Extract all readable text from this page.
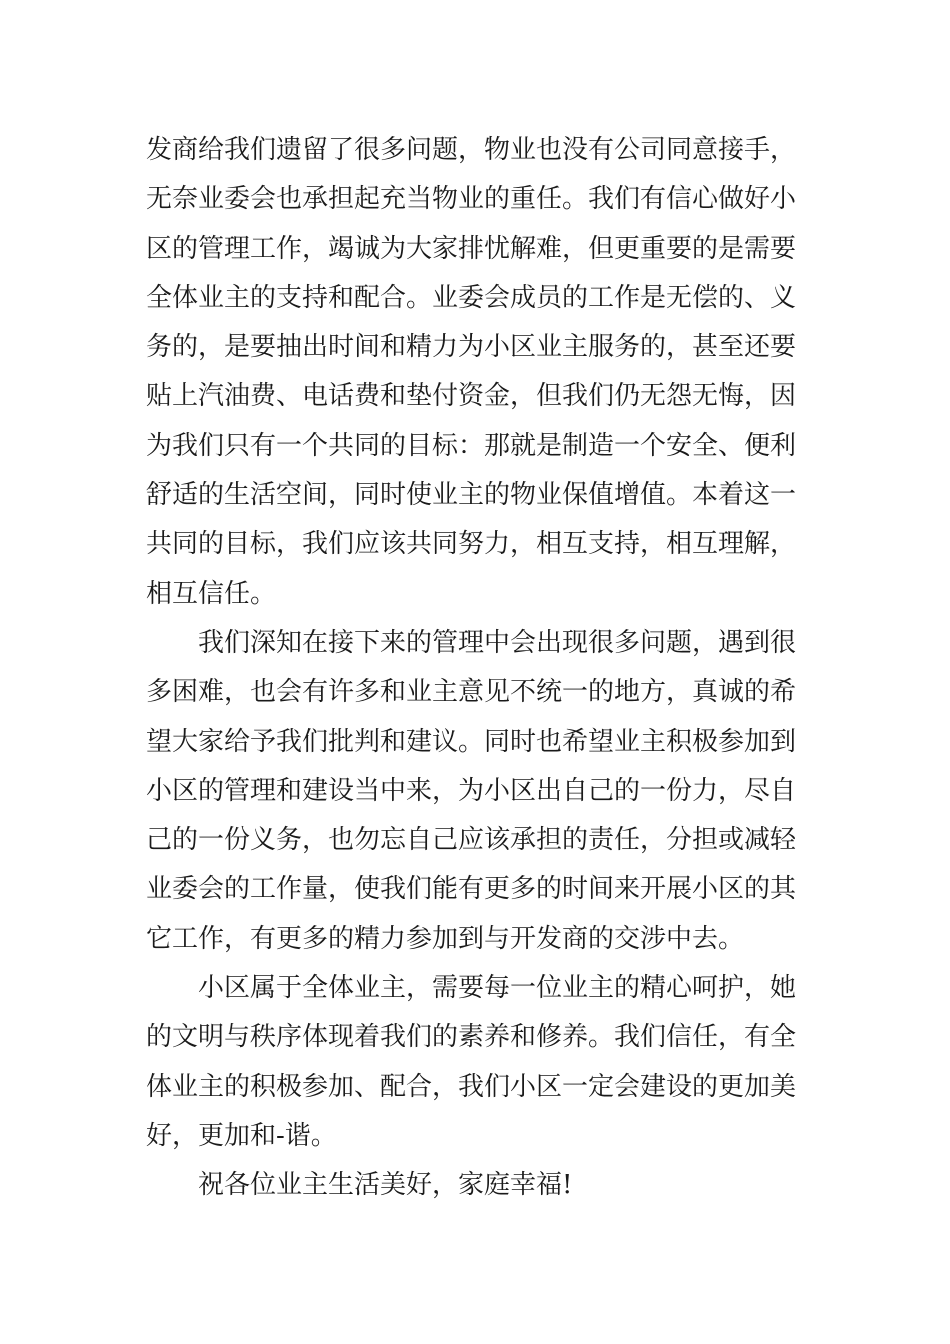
发商给我们遗留了很多问题，物业也没有公司同意接手，
无奈业委会也承担起充当物业的重任。我们有信心做好小
区的管理工作，竭诚为大家排忧解难，但更重要的是需要
全体业主的支持和配合。业委会成员的工作是无偿的、义
务的，是要抽出时间和精力为小区业主服务的，甚至还要
贴上汽油费、电话费和垫付资金，但我们仍无怨无悔，因
为我们只有一个共同的目标：那就是制造一个安全、便利
舒适的生活空间，同时使业主的物业保值增值。本着这一
共同的目标，我们应该共同努力，相互支持，相互理解，
相互信任。
我们深知在接下来的管理中会出现很多问题，遇到很
多困难，也会有许多和业主意见不统一的地方，真诚的希
望大家给予我们批判和建议。同时也希望业主积极参加到
小区的管理和建设当中来，为小区出自己的一份力，尽自
己的一份义务，也勿忘自己应该承担的责任，分担或减轻
业委会的工作量，使我们能有更多的时间来开展小区的其
它工作，有更多的精力参加到与开发商的交涉中去。
小区属于全体业主，需要每一位业主的精心呵护，她
的文明与秩序体现着我们的素养和修养。我们信任，有全
体业主的积极参加、配合，我们小区一定会建设的更加美
好，更加和-谐。
祝各位业主生活美好，家庭幸福!
